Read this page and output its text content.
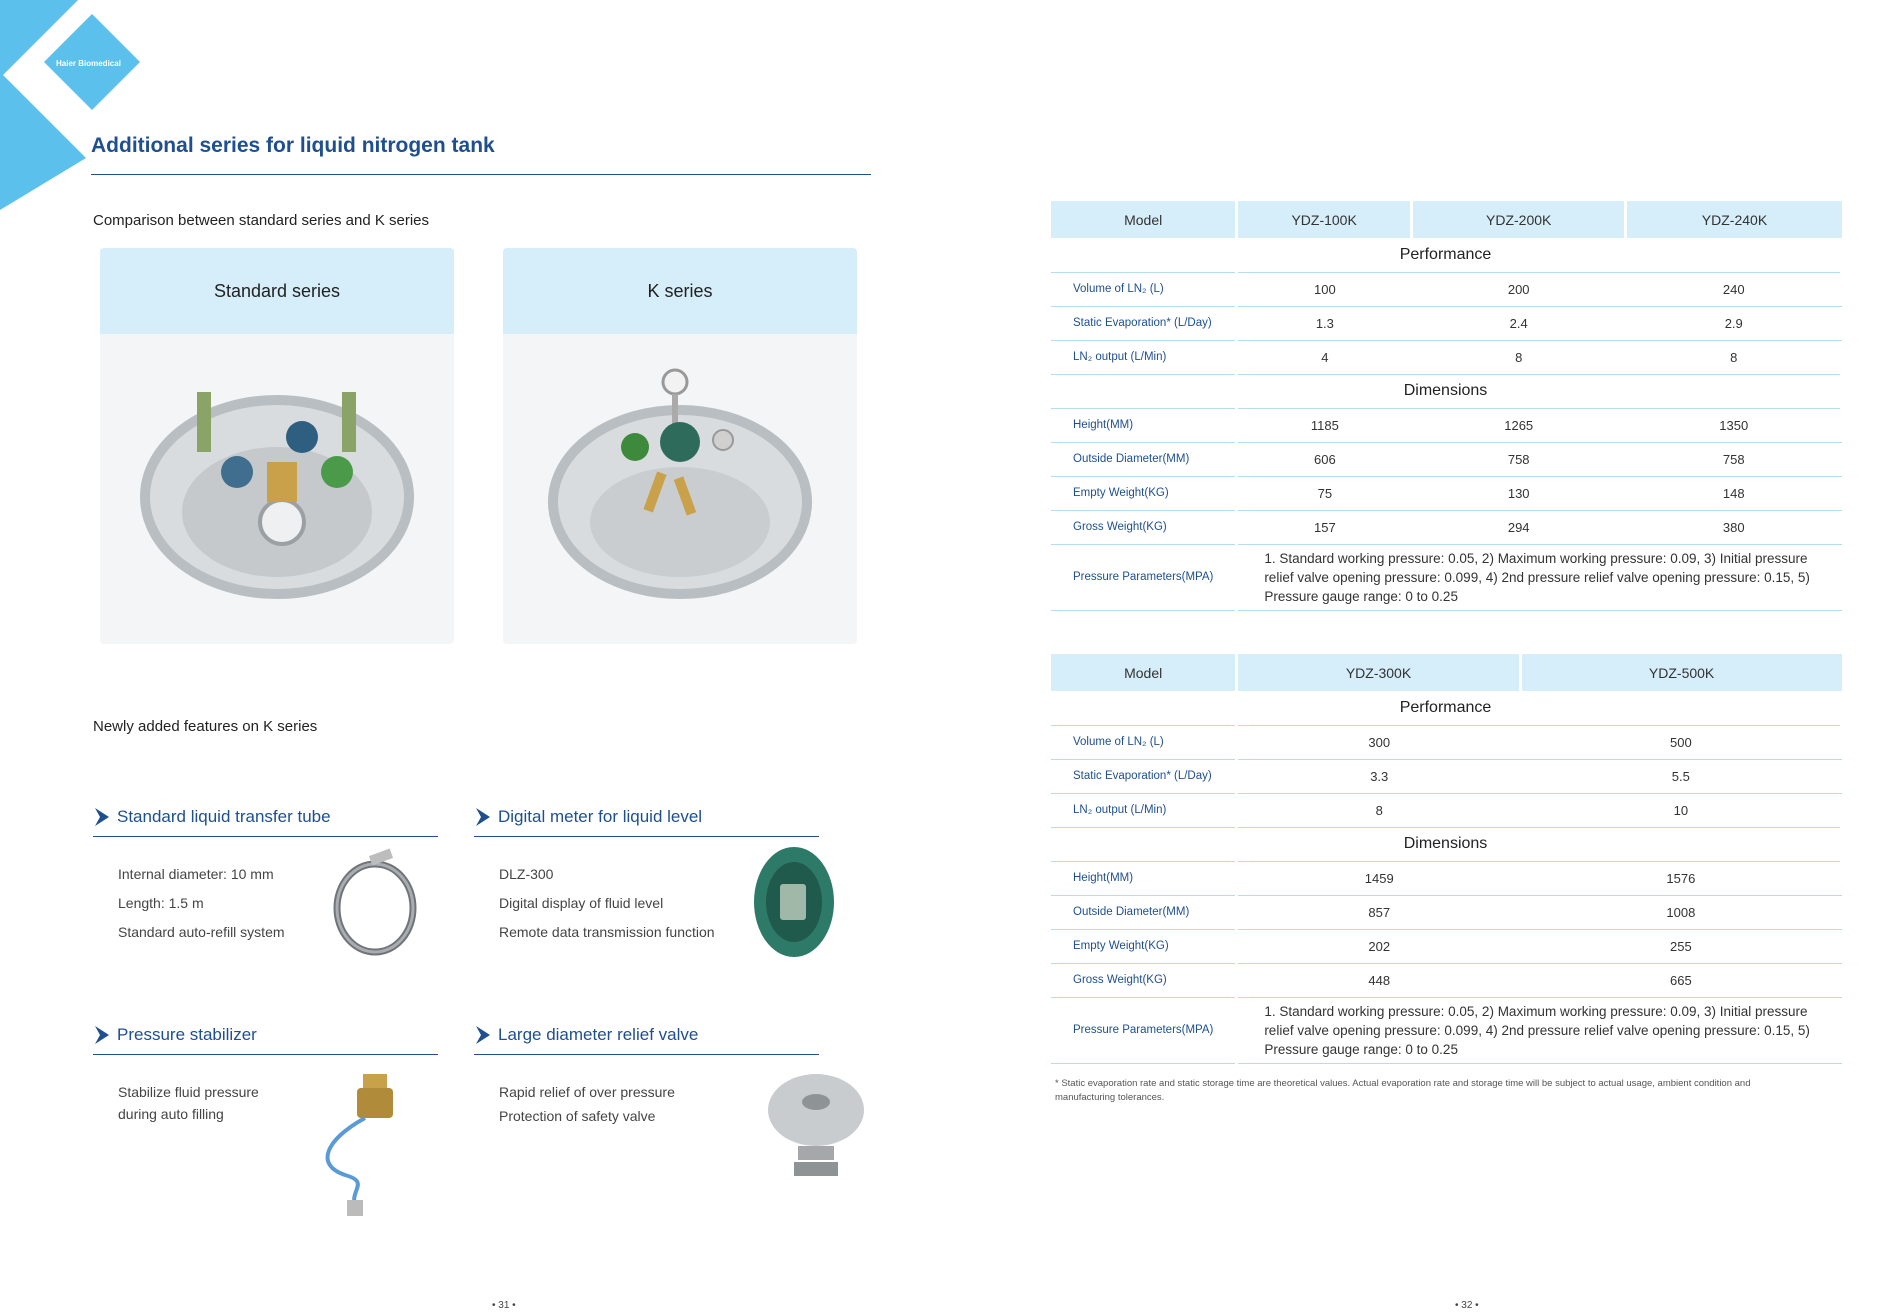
Haier Biomedical
Additional series for liquid nitrogen tank
Comparison between standard series and K series
Standard series	K series
Newly added features on K series
Standard liquid transfer tube
Internal diameter: 10 mm
Length: 1.5 m
Standard auto-refill system
Digital meter for liquid level
DLZ-300
Digital display of fluid level
Remote data transmission function
Pressure stabilizer
Stabilize fluid pressure
during auto filling
Large diameter relief valve
Rapid relief of over pressure
Protection of safety valve
• 31 •	• 32 •
Model	YDZ-100K	YDZ-200K	YDZ-240K
Performance			
Volume of LN₂ (L)	100	200	240
Static Evaporation* (L/Day)	1.3	2.4	2.9
LN₂ output (L/Min)	4	8	8
Dimensions			
Height(MM)	1185	1265	1350
Outside Diameter(MM)	606	758	758
Empty Weight(KG)	75	130	148
Gross Weight(KG)	157	294	380
Pressure Parameters(MPA)	1. Standard working pressure: 0.05, 2) Maximum working pressure: 0.09, 3) Initial pressure relief valve opening pressure: 0.099, 4) 2nd pressure relief valve opening pressure: 0.15, 5) Pressure gauge range: 0 to 0.25		
Model	YDZ-300K	YDZ-500K
Performance		
Volume of LN₂ (L)	300	500
Static Evaporation* (L/Day)	3.3	5.5
LN₂ output (L/Min)	8	10
Dimensions		
Height(MM)	1459	1576
Outside Diameter(MM)	857	1008
Empty Weight(KG)	202	255
Gross Weight(KG)	448	665
Pressure Parameters(MPA)	1. Standard working pressure: 0.05, 2) Maximum working pressure: 0.09, 3) Initial pressure relief valve opening pressure: 0.099, 4) 2nd pressure relief valve opening pressure: 0.15, 5) Pressure gauge range: 0 to 0.25	
* Static evaporation rate and static storage time are theoretical values. Actual evaporation rate and storage time will be subject to actual usage, ambient condition and manufacturing tolerances.
